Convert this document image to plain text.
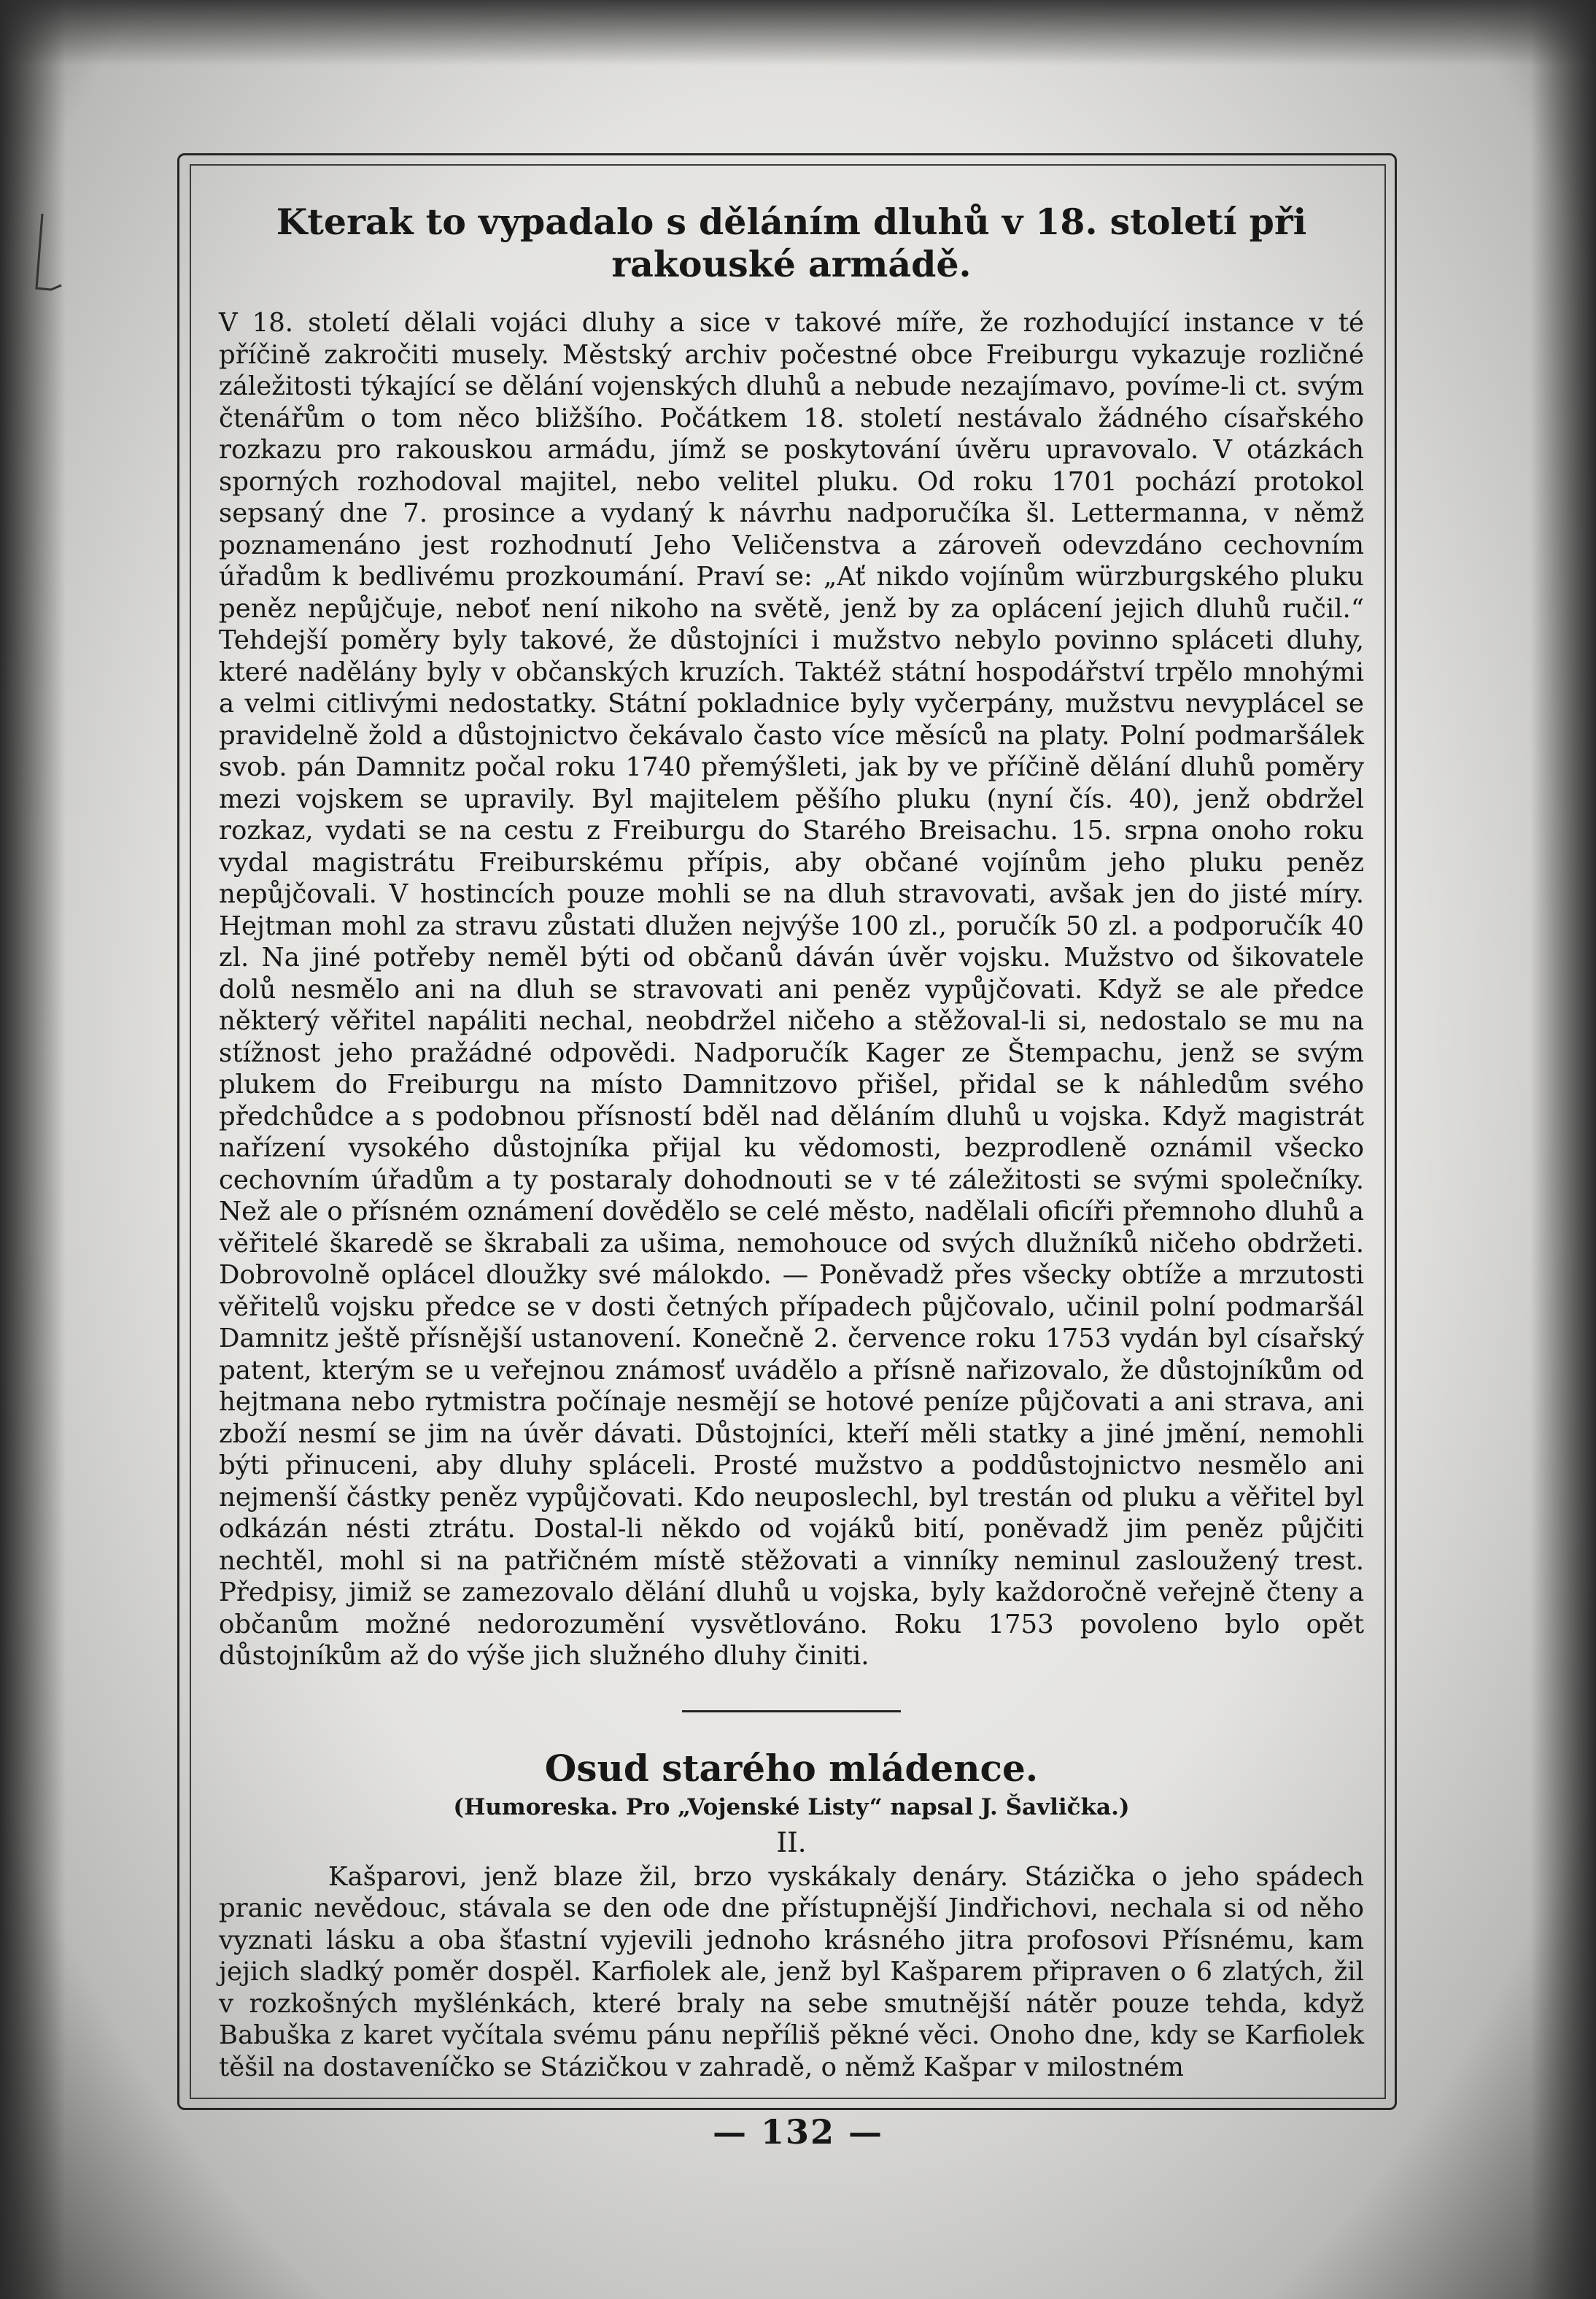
Kterak to vypadalo s děláním dluhů v 18. století při rakouské armádě.

V 18. století dělali vojáci dluhy a sice v takové míře, že rozhodující instance v té příčině zakročiti musely. Městský archiv počestné obce Freiburgu vykazuje rozličné záležitosti týkající se dělání vojenských dluhů a nebude nezajímavo, povíme-li ct. svým čtenářům o tom něco bližšího. Počátkem 18. století nestávalo žádného císařského rozkazu pro rakouskou armádu, jímž se poskytování úvěru upravovalo. V otázkách sporných rozhodoval majitel, nebo velitel pluku. Od roku 1701 pochází protokol sepsaný dne 7. prosince a vydaný k návrhu nadporučíka šl. Lettermanna, v němž poznamenáno jest rozhodnutí Jeho Veličenstva a zároveň odevzdáno cechovním úřadům k bedlivému prozkoumání. Praví se: „Ať nikdo vojínům würzburgského pluku peněz nepůjčuje, neboť není nikoho na světě, jenž by za oplácení jejich dluhů ručil.“ Tehdejší poměry byly takové, že důstojníci i mužstvo nebylo povinno spláceti dluhy, které nadělány byly v občanských kruzích. Taktéž státní hospodářství trpělo mnohými a velmi citlivými nedostatky. Státní pokladnice byly vyčerpány, mužstvu nevyplácel se pravidelně žold a důstojnictvo čekávalo často více měsíců na platy. Polní podmaršálek svob. pán Damnitz počal roku 1740 přemýšleti, jak by ve příčině dělání dluhů poměry mezi vojskem se upravily. Byl majitelem pěšího pluku (nyní čís. 40), jenž obdržel rozkaz, vydati se na cestu z Freiburgu do Starého Breisachu. 15. srpna onoho roku vydal magistrátu Freiburskému přípis, aby občané vojínům jeho pluku peněz nepůjčovali. V hostincích pouze mohli se na dluh stravovati, avšak jen do jisté míry. Hejtman mohl za stravu zůstati dlužen nejvýše 100 zl., poručík 50 zl. a podporučík 40 zl. Na jiné potřeby neměl býti od občanů dáván úvěr vojsku. Mužstvo od šikovatele dolů nesmělo ani na dluh se stravovati ani peněz vypůjčovati. Když se ale předce některý věřitel napáliti nechal, neobdržel ničeho a stěžoval-li si, nedostalo se mu na stížnost jeho pražádné odpovědi. Nadporučík Kager ze Štempachu, jenž se svým plukem do Freiburgu na místo Damnitzovo přišel, přidal se k náhledům svého předchůdce a s podobnou přísností bděl nad děláním dluhů u vojska. Když magistrát nařízení vysokého důstojníka přijal ku vědomosti, bezprodleně oznámil všecko cechovním úřadům a ty postaraly dohodnouti se v té záležitosti se svými společníky. Než ale o přísném oznámení dovědělo se celé město, nadělali oficíři přemnoho dluhů a věřitelé škaredě se škrabali za ušima, nemohouce od svých dlužníků ničeho obdržeti. Dobrovolně oplácel dloužky své málokdo. — Poněvadž přes všecky obtíže a mrzutosti věřitelů vojsku předce se v dosti četných případech půjčovalo, učinil polní podmaršál Damnitz ještě přísnější ustanovení. Konečně 2. července roku 1753 vydán byl císařský patent, kterým se u veřejnou známosť uvádělo a přísně nařizovalo, že důstojníkům od hejtmana nebo rytmistra počínaje nesmějí se hotové peníze půjčovati a ani strava, ani zboží nesmí se jim na úvěr dávati. Důstojníci, kteří měli statky a jiné jmění, nemohli býti přinuceni, aby dluhy spláceli. Prosté mužstvo a poddůstojnictvo nesmělo ani nejmenší částky peněz vypůjčovati. Kdo neuposlechl, byl trestán od pluku a věřitel byl odkázán nésti ztrátu. Dostal-li někdo od vojáků bití, poněvadž jim peněz půjčiti nechtěl, mohl si na patřičném místě stěžovati a vinníky neminul zasloužený trest. Předpisy, jimiž se zamezovalo dělání dluhů u vojska, byly každoročně veřejně čteny a občanům možné nedorozumění vysvětlováno. Roku 1753 povoleno bylo opět důstojníkům až do výše jich služného dluhy činiti.

Osud starého mládence.

(Humoreska. Pro „Vojenské Listy“ napsal J. Šavlička.)

II.

Kašparovi, jenž blaze žil, brzo vyskákaly denáry. Stázička o jeho spádech pranic nevědouc, stávala se den ode dne přístupnější Jindřichovi, nechala si od něho vyznati lásku a oba šťastní vyjevili jednoho krásného jitra profosovi Přísnému, kam jejich sladký poměr dospěl. Karfiolek ale, jenž byl Kašparem připraven o 6 zlatých, žil v rozkošných myšlénkách, které braly na sebe smutnější nátěr pouze tehda, když Babuška z karet vyčítala svému pánu nepříliš pěkné věci. Onoho dne, kdy se Karfiolek těšil na dostaveníčko se Stázičkou v zahradě, o němž Kašpar v milostném

— 132 —
